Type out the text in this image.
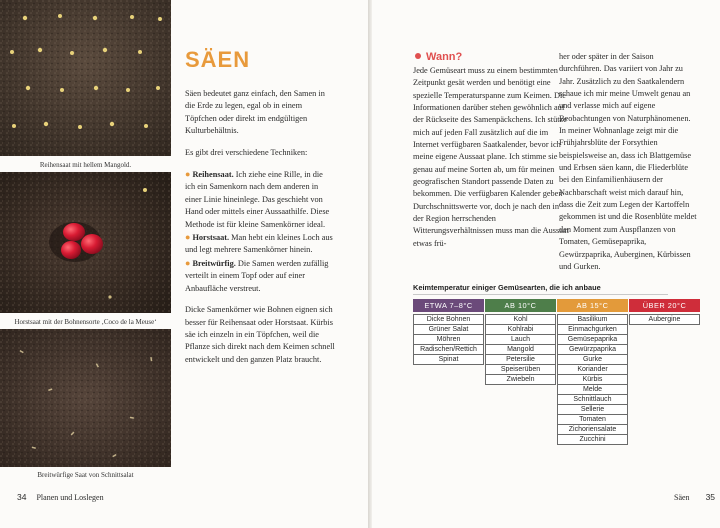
Reihensaat mit hellem Mangold.
Horstsaat mit der Bohnensorte ‚Coco de la Meuse‘
Breitwürfige Saat von Schnittsalat
SÄEN

Säen bedeutet ganz einfach, den Samen in die Erde zu legen, egal ob in einem Töpfchen oder direkt im endgültigen Kulturbehältnis.

Es gibt drei verschiedene Techniken:

● Reihensaat. Ich ziehe eine Rille, in die ich ein Samenkorn nach dem anderen in einer Linie hineinlege. Das geschieht von Hand oder mittels einer Aussaathilfe. Diese Methode ist für kleine Samenkörner ideal.
● Horstsaat. Man hebt ein kleines Loch aus und legt mehrere Samenkörner hinein.
● Breitwürfig. Die Samen werden zufällig verteilt in einem Topf oder auf einer Anbaufläche verstreut.

Dicke Samenkörner wie Bohnen eignen sich besser für Reihensaat oder Horstsaat. Kürbis säe ich einzeln in ein Töpfchen, weil die Pflanze sich direkt nach dem Keimen schnell entwickelt und den ganzen Platz braucht.

34 Planen und Loslegen
Wann?

Jede Gemüseart muss zu einem bestimmten Zeitpunkt gesät werden und benötigt eine spezielle Temperaturspanne zum Keimen. Die Informationen darüber stehen gewöhnlich auf der Rückseite des Samenpäckchens. Ich stütze mich auf jeden Fall zusätzlich auf die im Internet verfügbaren Saatkalender, bevor ich meine eigene Aussaat plane. Ich stimme sie genau auf meine Sorten ab, um für meinen geografischen Standort passende Daten zu bekommen. Die verfügbaren Kalender geben Durchschnittswerte vor, doch je nach den in der Region herrschenden Witterungsverhältnissen muss man die Aussaat etwas frü-

her oder später in der Saison durchführen. Das variiert von Jahr zu Jahr. Zusätzlich zu den Saatkalendern schaue ich mir meine Umwelt genau an und verlasse mich auf eigene Beobachtungen von Naturphänomenen. In meiner Wohnanlage zeigt mir die Frühjahrsblüte der Forsythien beispielsweise an, dass ich Blattgemüse und Erbsen säen kann, die Fliederblüte bei den Einfamilienhäusern der Nachbarschaft weist mich darauf hin, dass die Zeit zum Legen der Kartoffeln gekommen ist und die Rosenblüte meldet den Moment zum Auspflanzen von Tomaten, Gemüsepaprika, Gewürzpaprika, Auberginen, Kürbissen und Gurken.

Keimtemperatur einiger Gemüsearten, die ich anbaue
ETWA 7–8°C
Dicke Bohnen
Grüner Salat
Möhren
Radischen/Rettich
Spinat
AB 10°C
Kohl
Kohlrabi
Lauch
Mangold
Petersilie
Speiserüben
Zwiebeln
AB 15°C
Basilikum
Einmachgurken
Gemüsepaprika
Gewürzpaprika
Gurke
Koriander
Kürbis
Melde
Schnittlauch
Sellerie
Tomaten
Zichoriensalate
Zucchini
ÜBER 20°C
Aubergine
Säen 35
